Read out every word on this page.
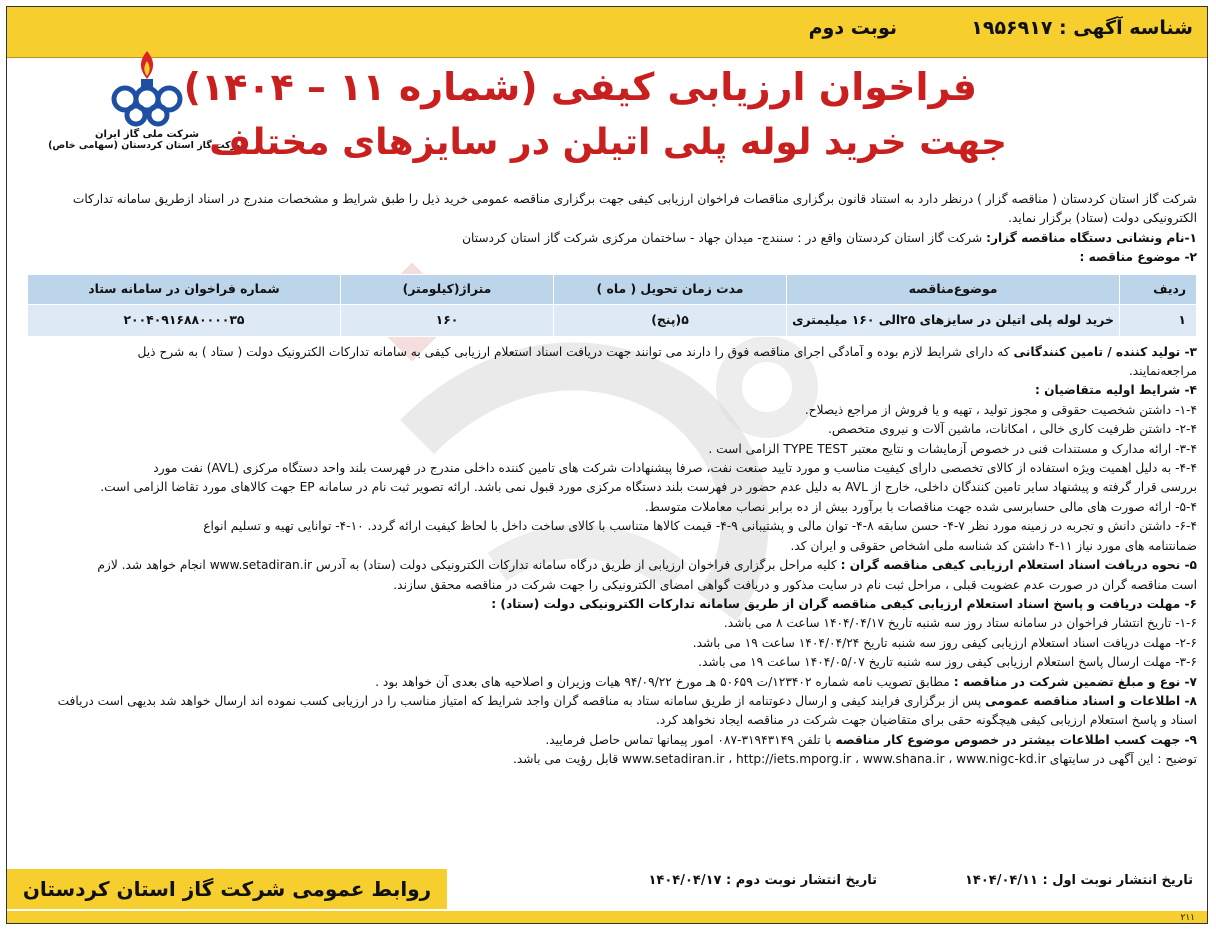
شناسه آگهی : ۱۹۵۶۹۱۷
نوبت دوم
شرکت ملی گاز ایران
شرکت گاز استان کردستان (سهامی خاص)
فراخوان ارزیابی کیفی (شماره ۱۱ – ۱۴۰۴)
جهت خرید لوله پلی اتیلن در سایزهای مختلف

شرکت گاز استان کردستان ( مناقصه گزار ) درنظر دارد به استناد قانون برگزاری مناقصات فراخوان ارزیابی کیفی جهت برگزاری مناقصه عمومی خرید ذیل را طبق شرایط و مشخصات مندرج در اسناد ازطریق سامانه تدارکات

الکترونیکی دولت (ستاد) برگزار نماید.

۱-نام ونشانی دستگاه مناقصه گزار: شرکت گاز استان کردستان واقع در : سنندج- میدان جهاد - ساختمان مرکزی شرکت گاز استان کردستان

۲- موضوع مناقصه :

ردیف	موضوع‌مناقصه	مدت زمان تحویل ( ماه )	متراژ(کیلومتر)	شماره فراخوان در سامانه ستاد
۱	خرید لوله پلی اتیلن در سایزهای ۲۵الی ۱۶۰ میلیمتری	۵(پنج)	۱۶۰	۲۰۰۴۰۹۱۶۸۸۰۰۰۰۳۵

۳- تولید کننده / تامین کنندگانی که دارای شرایط لازم بوده و آمادگی اجرای مناقصه فوق را دارند می توانند جهت دریافت اسناد استعلام ارزیابی کیفی به سامانه تدارکات الکترونیک دولت ( ستاد ) به شرح ذیل

مراجعه‌نمایند.

۴- شرایط اولیه متقاضیان :

۱-۴- داشتن شخصیت حقوقی و مجوز تولید ، تهیه و یا فروش از مراجع ذیصلاح.

۲-۴- داشتن ظرفیت کاری خالی ، امکانات، ماشین آلات و نیروی متخصص.

۳-۴- ارائه مدارک و مستندات فنی در خصوص آزمایشات و نتایج معتبر TYPE TEST الزامی است .

۴-۴- به دلیل اهمیت ویژه استفاده از کالای تخصصی دارای کیفیت مناسب و مورد تایید صنعت نفت، صرفا پیشنهادات شرکت های تامین کننده داخلی مندرج در فهرست بلند واحد دستگاه مرکزی (AVL) نفت مورد

بررسی قرار گرفته و پیشنهاد سایر تامین کنندگان داخلی، خارج از AVL به دلیل عدم حضور در فهرست بلند دستگاه مرکزی مورد قبول نمی باشد. ارائه تصویر ثبت نام در سامانه EP جهت کالاهای مورد تقاضا الزامی است.

۵-۴- ارائه صورت های مالی حسابرسی شده جهت مناقصات با برآورد بیش از ده برابر نصاب معاملات متوسط.

۶-۴- داشتن دانش و تجربه در زمینه مورد نظر ۷-۴- حسن سابقه ۸-۴- توان مالی و پشتیبانی ۹-۴- قیمت کالاها متناسب با کالای ساخت داخل با لحاظ کیفیت ارائه گردد. ۱۰-۴- توانایی تهیه و تسلیم انواع

ضمانتنامه های مورد نیاز ۱۱-۴ داشتن کد شناسه ملی اشخاص حقوقی و ایران کد.

۵- نحوه دریافت اسناد استعلام ارزیابی کیفی مناقصه گران : کلیه مراحل برگزاری فراخوان ارزیابی از طریق درگاه سامانه تدارکات الکترونیکی دولت (ستاد) به آدرس www.setadiran.ir انجام خواهد شد. لازم

است مناقصه گران در صورت عدم عضویت قبلی ، مراحل ثبت نام در سایت مذکور و دریافت گواهی امضای الکترونیکی را جهت شرکت در مناقصه محقق سازند.

۶- مهلت دریافت و پاسخ اسناد استعلام ارزیابی کیفی مناقصه گران از طریق سامانه تدارکات الکترونیکی دولت (ستاد) :

۱-۶- تاریخ انتشار فراخوان در سامانه ستاد روز سه شنبه تاریخ ۱۴۰۴/۰۴/۱۷ ساعت ۸ می باشد.

۲-۶- مهلت دریافت اسناد استعلام ارزیابی کیفی روز سه شنبه تاریخ ۱۴۰۴/۰۴/۲۴ ساعت ۱۹ می باشد.

۳-۶- مهلت ارسال پاسخ استعلام ارزیابی کیفی روز سه شنبه تاریخ ۱۴۰۴/۰۵/۰۷ ساعت ۱۹ می باشد.

۷- نوع و مبلغ تضمین شرکت در مناقصه : مطابق تصویب نامه شماره ۱۲۳۴۰۲/ت ۵۰۶۵۹ هـ مورخ ۹۴/۰۹/۲۲ هیات وزیران و اصلاحیه های بعدی آن خواهد بود .

۸- اطلاعات و اسناد مناقصه عمومی پس از برگزاری فرایند کیفی و ارسال دعوتنامه از طریق سامانه ستاد به مناقصه گران واجد شرایط که امتیاز مناسب را در ارزیابی کسب نموده اند ارسال خواهد شد بدیهی است دریافت

اسناد و پاسخ استعلام ارزیابی کیفی هیچگونه حقی برای متقاضیان جهت شرکت در مناقصه ایجاد نخواهد کرد.

۹- جهت کسب اطلاعات بیشتر در خصوص موضوع کار مناقصه با تلفن ۳۱۹۴۳۱۴۹-۰۸۷ امور پیمانها تماس حاصل فرمایید.

توضیح : این آگهی در سایتهای www.setadiran.ir ، http://iets.mporg.ir ، www.shana.ir ، www.nigc-kd.ir قابل رؤیت می باشد.

تاریخ انتشار نوبت اول : ۱۴۰۴/۰۴/۱۱
تاریخ انتشار نوبت دوم : ۱۴۰۴/۰۴/۱۷
روابط عمومی شرکت گاز استان کردستان
۲۱۱
